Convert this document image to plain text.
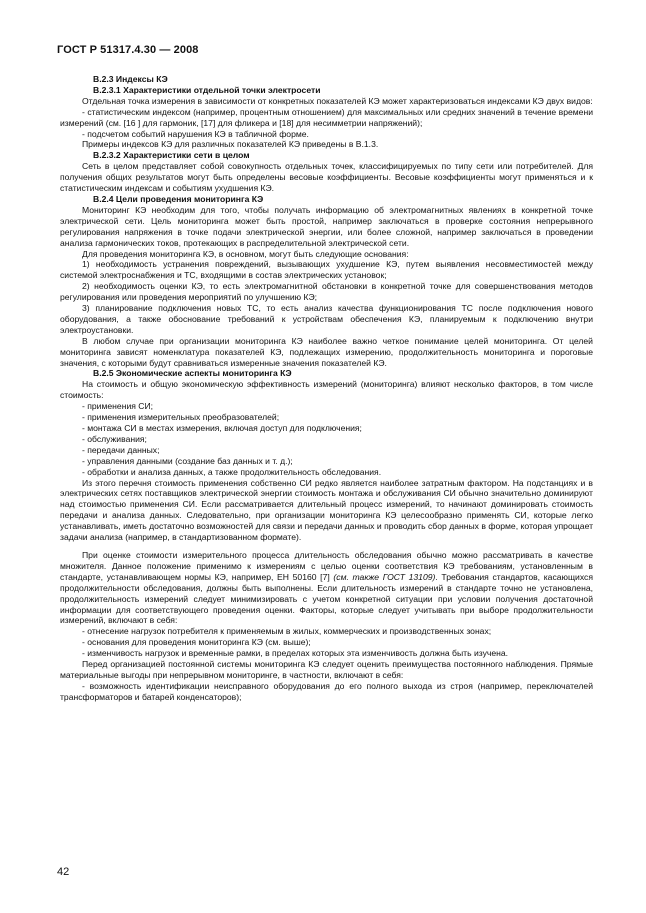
ГОСТ Р 51317.4.30 — 2008

В.2.3 Индексы КЭ

В.2.3.1 Характеристики отдельной точки электросети

Отдельная точка измерения в зависимости от конкретных показателей КЭ может характеризоваться индексами КЭ двух видов:

- статистическим индексом (например, процентным отношением) для максимальных или средних значений в течение времени измерений (см. [16 ] для гармоник, [17] для фликера и [18] для несимметрии напряжений);

- подсчетом событий нарушения КЭ в табличной форме.

Примеры индексов КЭ для различных показателей КЭ приведены в В.1.3.

В.2.3.2 Характеристики сети в целом

Сеть в целом представляет собой совокупность отдельных точек, классифицируемых по типу сети или потребителей. Для получения общих результатов могут быть определены весовые коэффициенты. Весовые коэффициенты могут применяться и к статистическим индексам и событиям ухудшения КЭ.

В.2.4 Цели проведения мониторинга КЭ

Мониторинг КЭ необходим для того, чтобы получать информацию об электромагнитных явлениях в конкретной точке электрической сети. Цель мониторинга может быть простой, например заключаться в проверке состояния непрерывного регулирования напряжения в точке подачи электрической энергии, или более сложной, например заключаться в проведении анализа гармонических токов, протекающих в распределительной электрической сети.

Для проведения мониторинга КЭ, в основном, могут быть следующие основания:

1) необходимость устранения повреждений, вызывающих ухудшение КЭ, путем выявления несовместимостей между системой электроснабжения и ТС, входящими в состав электрических установок;

2) необходимость оценки КЭ, то есть электромагнитной обстановки в конкретной точке для совершенствования методов регулирования или проведения мероприятий по улучшению КЭ;

3) планирование подключения новых ТС, то есть анализ качества функционирования ТС после подключения нового оборудования, а также обоснование требований к устройствам обеспечения КЭ, планируемым к подключению внутри электроустановки.

В любом случае при организации мониторинга КЭ наиболее важно четкое понимание целей мониторинга. От целей мониторинга зависят номенклатура показателей КЭ, подлежащих измерению, продолжительность мониторинга и пороговые значения, с которыми будут сравниваться измеренные значения показателей КЭ.

В.2.5 Экономические аспекты мониторинга КЭ

На стоимость и общую экономическую эффективность измерений (мониторинга) влияют несколько факторов, в том числе стоимость:

- применения СИ;

- применения измерительных преобразователей;

- монтажа СИ в местах измерения, включая доступ для подключения;

- обслуживания;

- передачи данных;

- управления данными (создание баз данных и т. д.);

- обработки и анализа данных, а также продолжительность обследования.

Из этого перечня стоимость применения собственно СИ редко является наиболее затратным фактором. На подстанциях и в электрических сетях поставщиков электрической энергии стоимость монтажа и обслуживания СИ обычно значительно доминируют над стоимостью применения СИ. Если рассматривается длительный процесс измерений, то начинают доминировать стоимость передачи и анализа данных. Следовательно, при организации мониторинга КЭ целесообразно применять СИ, которые легко устанавливать, иметь достаточно возможностей для связи и передачи данных и проводить сбор данных в форме, которая упрощает задачи анализа (например, в стандартизованном формате).

При оценке стоимости измерительного процесса длительность обследования обычно можно рассматривать в качестве множителя. Данное положение применимо к измерениям с целью оценки соответствия КЭ требованиям, установленным в стандарте, устанавливающем нормы КЭ, например, ЕН 50160 [7] (см. также ГОСТ 13109). Требования стандартов, касающихся продолжительности обследования, должны быть выполнены. Если длительность измерений в стандарте точно не установлена, продолжительность измерений следует минимизировать с учетом конкретной ситуации при условии получения достаточной информации для соответствующего проведения оценки. Факторы, которые следует учитывать при выборе продолжительности измерений, включают в себя:

- отнесение нагрузок потребителя к применяемым в жилых, коммерческих и производственных зонах;

- основания для проведения мониторинга КЭ (см. выше);

- изменчивость нагрузок и временные рамки, в пределах которых эта изменчивость должна быть изучена.

Перед организацией постоянной системы мониторинга КЭ следует оценить преимущества постоянного наблюдения. Прямые материальные выгоды при непрерывном мониторинге, в частности, включают в себя:

- возможность идентификации неисправного оборудования до его полного выхода из строя (например, переключателей трансформаторов и батарей конденсаторов);

42
